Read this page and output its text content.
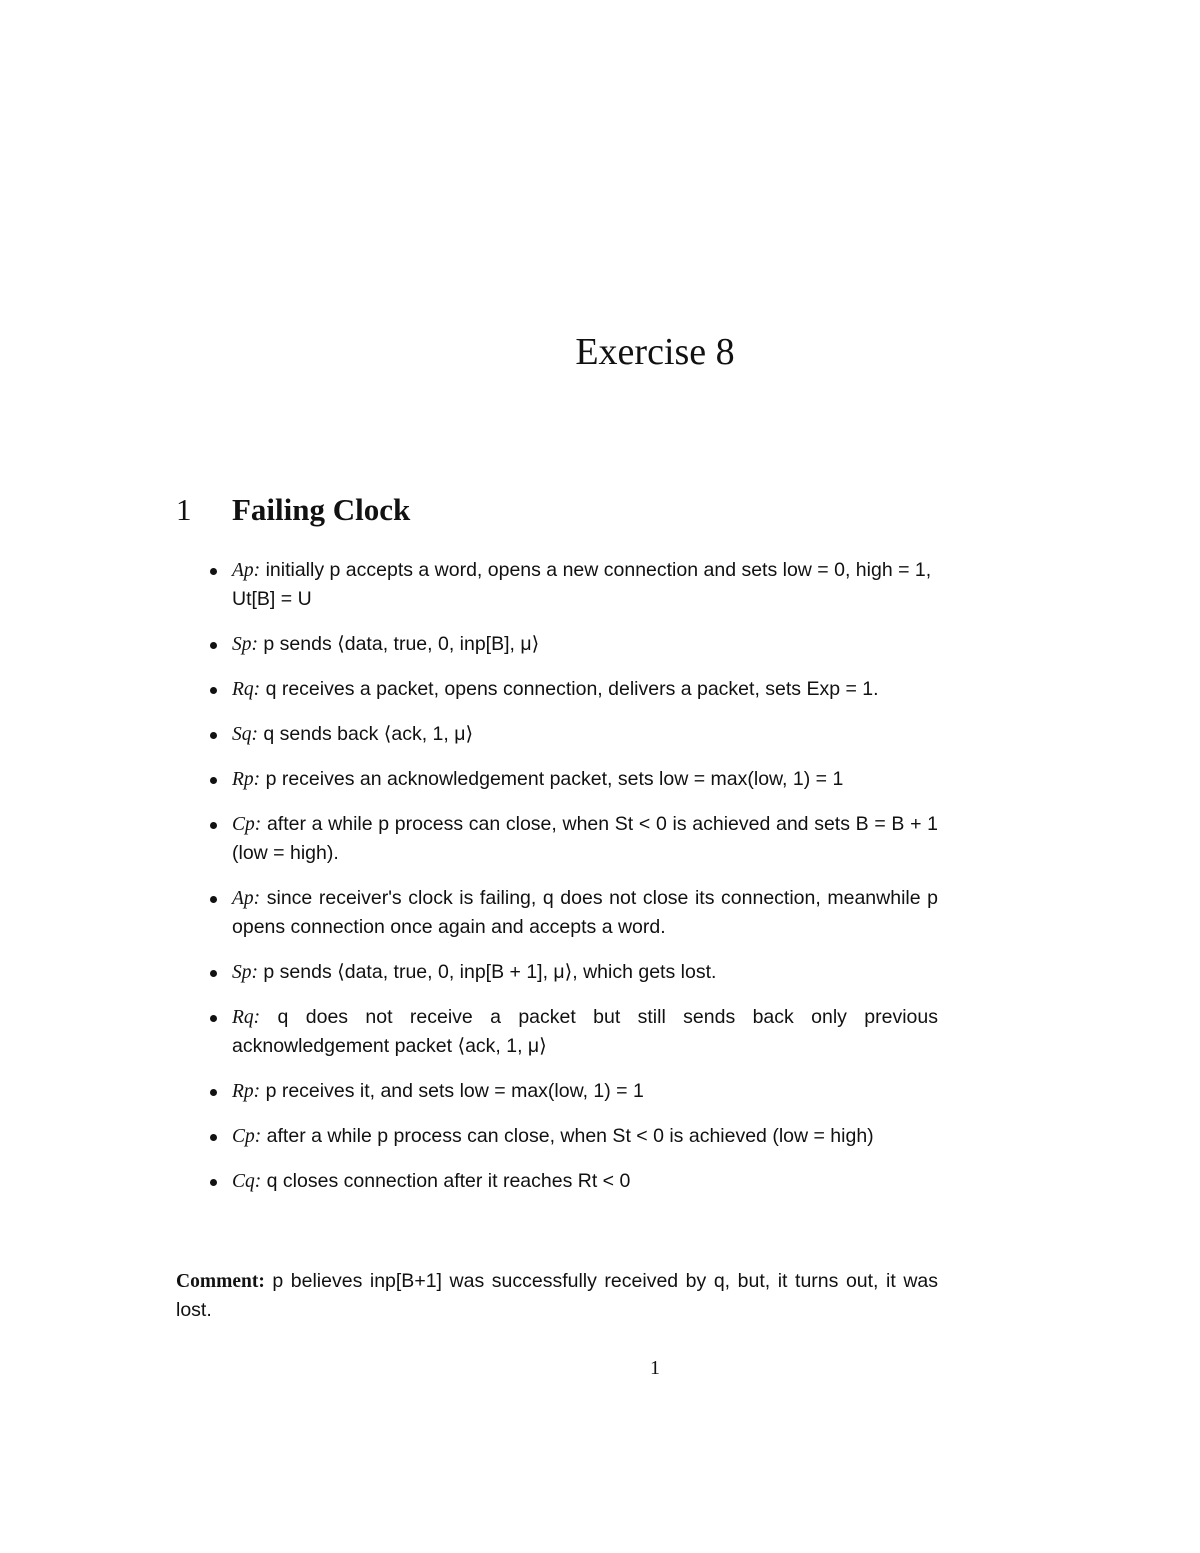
Exercise 8
1 Failing Clock
Ap: initially p accepts a word, opens a new connection and sets low = 0, high = 1, Ut[B] = U
Sp: p sends ⟨data, true, 0, inp[B], μ⟩
Rq: q receives a packet, opens connection, delivers a packet, sets Exp = 1.
Sq: q sends back ⟨ack, 1, μ⟩
Rp: p receives an acknowledgement packet, sets low = max(low, 1) = 1
Cp: after a while p process can close, when St < 0 is achieved and sets B = B + 1 (low = high).
Ap: since receiver's clock is failing, q does not close its connection, meanwhile p opens connection once again and accepts a word.
Sp: p sends ⟨data, true, 0, inp[B + 1], μ⟩, which gets lost.
Rq: q does not receive a packet but still sends back only previous acknowledgement packet ⟨ack, 1, μ⟩
Rp: p receives it, and sets low = max(low, 1) = 1
Cp: after a while p process can close, when St < 0 is achieved (low = high)
Cq: q closes connection after it reaches Rt < 0
Comment: p believes inp[B+1] was successfully received by q, but, it turns out, it was lost.
1
